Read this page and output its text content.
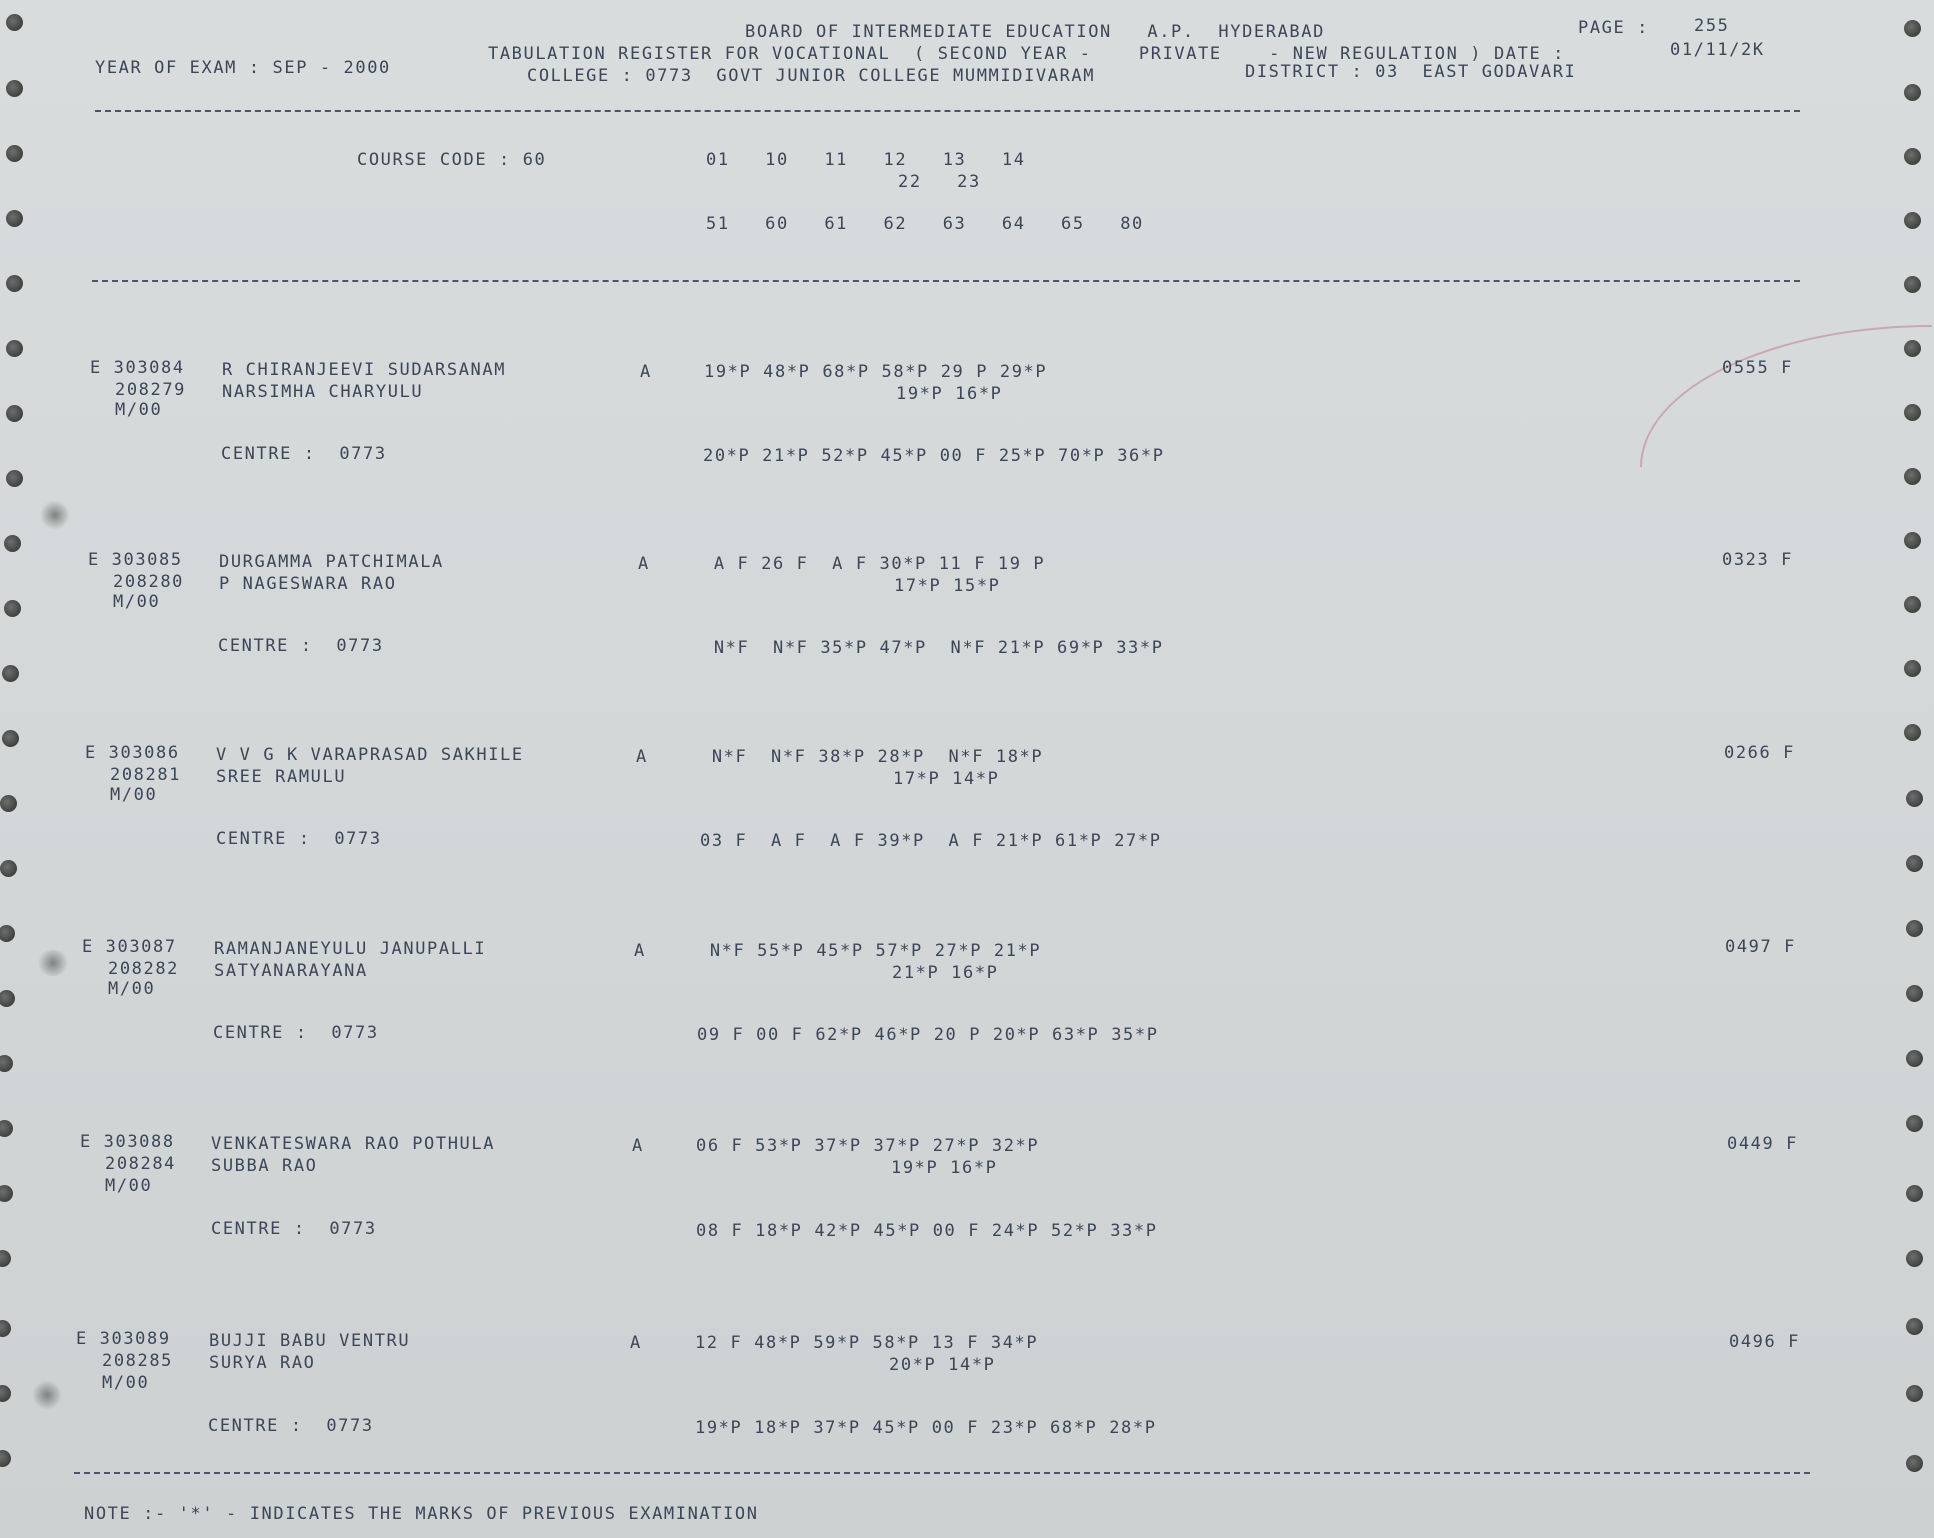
BOARD OF INTERMEDIATE EDUCATION   A.P.  HYDERABAD	PAGE :	255
TABULATION REGISTER FOR VOCATIONAL  ( SECOND YEAR -    PRIVATE    - NEW REGULATION ) DATE :	01/11/2K
YEAR OF EXAM : SEP - 2000	COLLEGE : 0773  GOVT JUNIOR COLLEGE MUMMIDIVARAM	DISTRICT : 03  EAST GODAVARI
COURSE CODE : 60	01   10   11   12   13   14
22   23
51   60   61   62   63   64   65   80
E 303084 R CHIRANJEEVI SUDARSANAM	A	19*P 48*P 68*P 58*P 29 P 29*P	0555 F
208279 NARSIMHA CHARYULU	19*P 16*P
M/00
CENTRE :  0773	20*P 21*P 52*P 45*P 00 F 25*P 70*P 36*P
E 303085 DURGAMMA PATCHIMALA	A	A F 26 F  A F 30*P 11 F 19 P	0323 F
208280 P NAGESWARA RAO	17*P 15*P
M/00
CENTRE :  0773	N*F  N*F 35*P 47*P  N*F 21*P 69*P 33*P
E 303086 V V G K VARAPRASAD SAKHILE	A	N*F  N*F 38*P 28*P  N*F 18*P	0266 F
208281 SREE RAMULU	17*P 14*P
M/00
CENTRE :  0773	03 F  A F  A F 39*P  A F 21*P 61*P 27*P
E 303087 RAMANJANEYULU JANUPALLI	A	N*F 55*P 45*P 57*P 27*P 21*P	0497 F
208282 SATYANARAYANA	21*P 16*P
M/00
CENTRE :  0773	09 F 00 F 62*P 46*P 20 P 20*P 63*P 35*P
E 303088 VENKATESWARA RAO POTHULA	A	06 F 53*P 37*P 37*P 27*P 32*P	0449 F
208284 SUBBA RAO	19*P 16*P
M/00
CENTRE :  0773	08 F 18*P 42*P 45*P 00 F 24*P 52*P 33*P
E 303089 BUJJI BABU VENTRU	A	12 F 48*P 59*P 58*P 13 F 34*P	0496 F
208285 SURYA RAO	20*P 14*P
M/00
CENTRE :  0773	19*P 18*P 37*P 45*P 00 F 23*P 68*P 28*P
NOTE :- '*' - INDICATES THE MARKS OF PREVIOUS EXAMINATION
